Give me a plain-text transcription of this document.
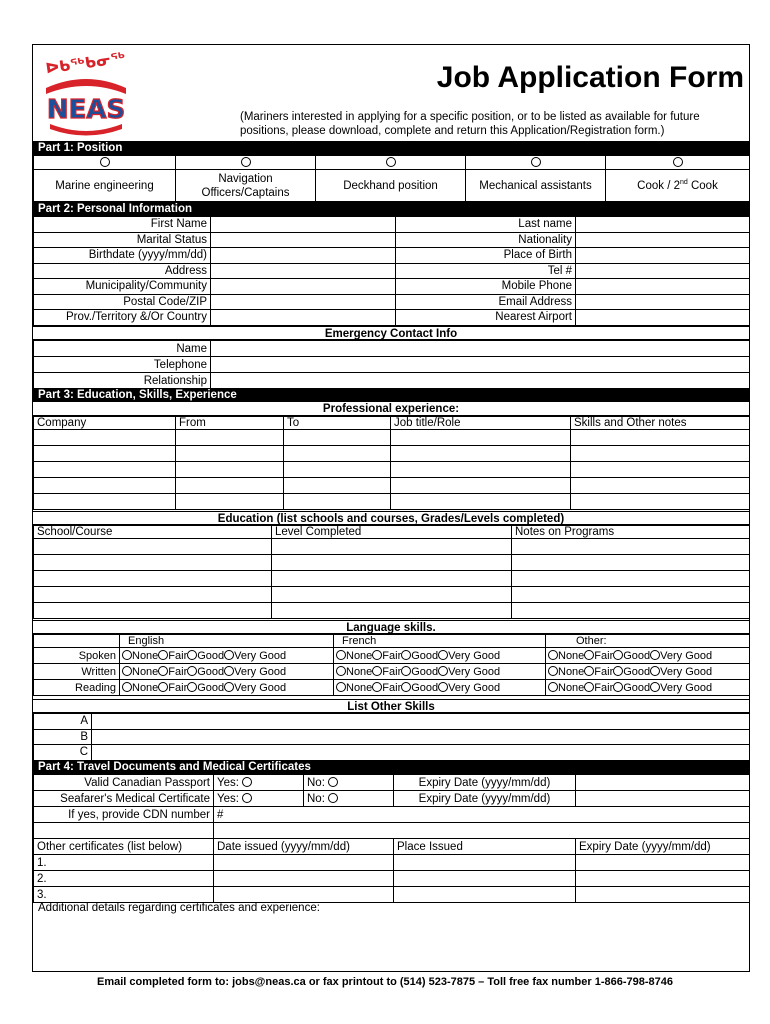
ᐅᑲᖅᑲᓂᖅ
NEAS
Job Application Form
(Mariners interested in applying for a specific position, or to be listed as available for future positions, please download, complete and return this Application/Registration form.)
Part 1: Position

Marine engineering	Navigation Officers/Captains	Deckhand position	Mechanical assistants	Cook / 2nd Cook
Part 2: Personal Information
First Name		Last name	
Marital Status		Nationality	
Birthdate (yyyy/mm/dd)		Place of Birth	
Address		Tel #	
Municipality/Community		Mobile Phone	
Postal Code/ZIP		Email Address	
Prov./Territory &/Or Country		Nearest Airport	
Emergency Contact Info
Name	
Telephone	
Relationship	
Part 3: Education, Skills, Experience
Professional experience:
Company	From	To	Job title/Role	Skills and Other notes

Education (list schools and courses, Grades/Levels completed)
School/Course	Level Completed	Notes on Programs

Language skills.
	English	French	Other:
Spoken	None Fair Good Very Good	None Fair Good Very Good	None Fair Good Very Good
Written	None Fair Good Very Good	None Fair Good Very Good	None Fair Good Very Good
Reading	None Fair Good Very Good	None Fair Good Very Good	None Fair Good Very Good
List Other Skills
A	
B	
C	
Part 4: Travel Documents and Medical Certificates
Valid Canadian Passport	Yes:	No:	Expiry Date (yyyy/mm/dd)	
Seafarer's Medical Certificate	Yes:	No:	Expiry Date (yyyy/mm/dd)	
If yes, provide CDN number	#			

Other certificates (list below)	Date issued (yyyy/mm/dd)	Place Issued	Expiry Date (yyyy/mm/dd)
1.			
2.			
3.			
Additional details regarding certificates and experience:
Email completed form to: jobs@neas.ca or fax printout to (514) 523-7875 – Toll free fax number 1-866-798-8746
